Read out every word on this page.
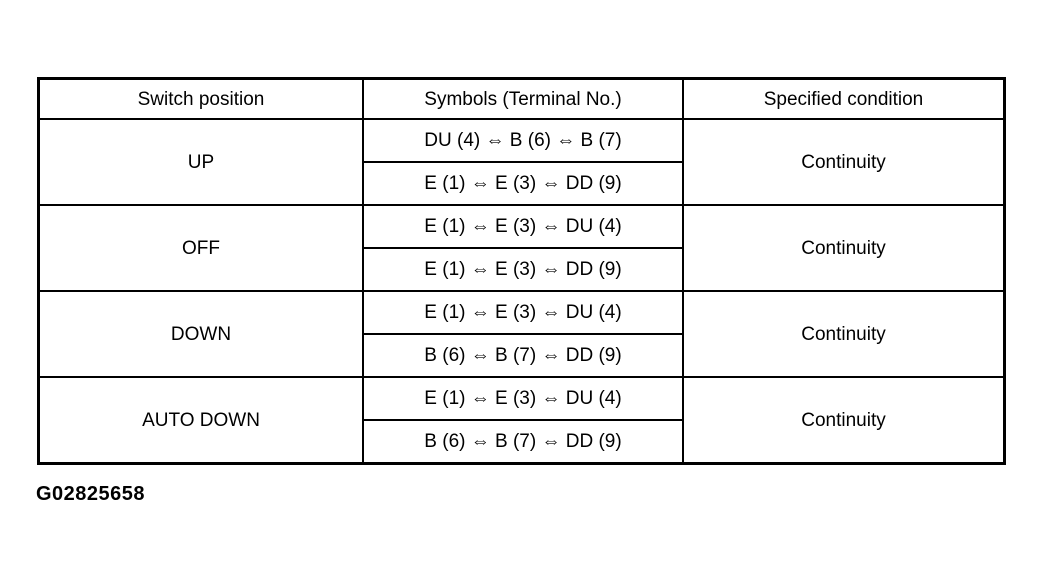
Switch position	Symbols (Terminal No.)	Specified condition
UP
DU (4) ⇔ B (6) ⇔ B (7)
E (1) ⇔ E (3) ⇔ DD (9)
Continuity
OFF
E (1) ⇔ E (3) ⇔ DU (4)
E (1) ⇔ E (3) ⇔ DD (9)
Continuity
DOWN
E (1) ⇔ E (3) ⇔ DU (4)
B (6) ⇔ B (7) ⇔ DD (9)
Continuity
AUTO DOWN
E (1) ⇔ E (3) ⇔ DU (4)
B (6) ⇔ B (7) ⇔ DD (9)
Continuity
G02825658
